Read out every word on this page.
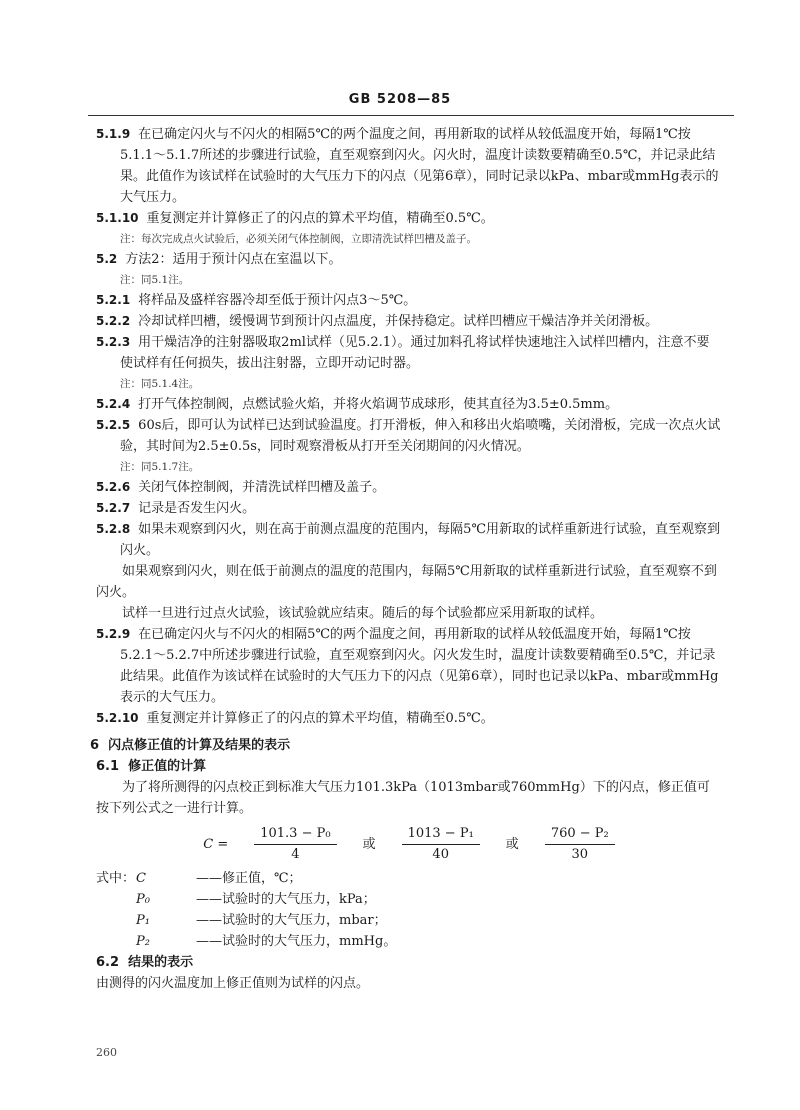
GB 5208—85

5.1.9 在已确定闪火与不闪火的相隔5℃的两个温度之间，再用新取的试样从较低温度开始，每隔1℃按5.1.1～5.1.7所述的步骤进行试验，直至观察到闪火。闪火时，温度计读数要精确至0.5℃，并记录此结果。此值作为该试样在试验时的大气压力下的闪点（见第6章），同时记录以kPa、mbar或mmHg表示的大气压力。

5.1.10 重复测定并计算修正了的闪点的算术平均值，精确至0.5℃。

注：每次完成点火试验后，必须关闭气体控制阀，立即清洗试样凹槽及盖子。

5.2 方法2：适用于预计闪点在室温以下。

注：同5.1注。

5.2.1 将样品及盛样容器冷却至低于预计闪点3～5℃。

5.2.2 冷却试样凹槽，缓慢调节到预计闪点温度，并保持稳定。试样凹槽应干燥洁净并关闭滑板。

5.2.3 用干燥洁净的注射器吸取2ml试样（见5.2.1）。通过加料孔将试样快速地注入试样凹槽内，注意不要使试样有任何损失，拔出注射器，立即开动记时器。

注：同5.1.4注。

5.2.4 打开气体控制阀，点燃试验火焰，并将火焰调节成球形，使其直径为3.5±0.5mm。

5.2.5 60s后，即可认为试样已达到试验温度。打开滑板，伸入和移出火焰喷嘴，关闭滑板，完成一次点火试验，其时间为2.5±0.5s，同时观察滑板从打开至关闭期间的闪火情况。

注：同5.1.7注。

5.2.6 关闭气体控制阀，并清洗试样凹槽及盖子。

5.2.7 记录是否发生闪火。

5.2.8 如果未观察到闪火，则在高于前测点温度的范围内，每隔5℃用新取的试样重新进行试验，直至观察到闪火。

如果观察到闪火，则在低于前测点的温度的范围内，每隔5℃用新取的试样重新进行试验，直至观察不到闪火。

试样一旦进行过点火试验，该试验就应结束。随后的每个试验都应采用新取的试样。

5.2.9 在已确定闪火与不闪火的相隔5℃的两个温度之间，再用新取的试样从较低温度开始，每隔1℃按5.2.1～5.2.7中所述步骤进行试验，直至观察到闪火。闪火发生时，温度计读数要精确至0.5℃，并记录此结果。此值作为该试样在试验时的大气压力下的闪点（见第6章），同时也记录以kPa、mbar或mmHg表示的大气压力。

5.2.10 重复测定并计算修正了的闪点的算术平均值，精确至0.5℃。

6 闪点修正值的计算及结果的表示

6.1 修正值的计算

为了将所测得的闪点校正到标准大气压力101.3kPa（1013mbar或760mmHg）下的闪点，修正值可按下列公式之一进行计算。

$C = \frac{\text{101.3 − P₀}}{4}$ 或 $\frac{\text{1013 − P₁}}{40}$ 或 $\frac{\text{760 − P₂}}{30}$
式中： C	——修正值，℃；
P₀	——试验时的大气压力，kPa；
P₁	——试验时的大气压力，mbar；
P₂	——试验时的大气压力，mmHg。

6.2 结果的表示

由测得的闪火温度加上修正值则为试样的闪点。

260
